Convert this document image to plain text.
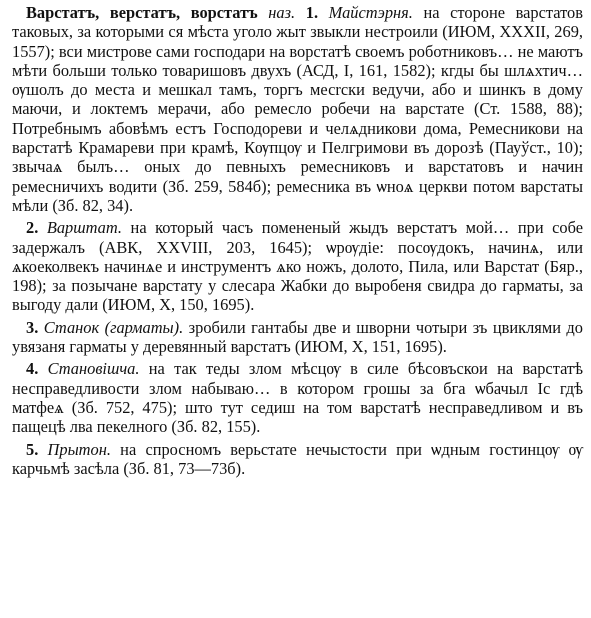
Варстатъ, верстатъ, ворстатъ наз. 1. Майстэрня. на стороне варстатов таковых, за которыми ся мѣста уголо жыт звыкли нестроили (ИЮМ, XXXII, 269, 1557); вси мистрове сами господари на ворстатѣ своемъ роботниковъ… не маютъ мѣти больши только товаришовъ двухъ (АСД, I, 161, 1582); кгды бы шлѧхтич… ѹшолъ до места и мешкал тамъ, торгъ месrcки ведучи, або и шинкъ в дому маючи, и локтемъ мерачи, або ремесло робечи на варстате (Ст. 1588, 88); Потребнымъ абовѣмъ естъ Господореви и челѧдникови дома, Ремесникови на варстатѣ Крамареви при крамѣ, Кѹпцѹ и Пелгримови въ дорозѣ (Пауўст., 10); звычаѧ былъ… оных до певныхъ ремесниковъ и варстатовъ и начин ремесничихъ водити (Зб. 259, 584б); ремесника въ ѡноѧ церкви потом варстаты мѣли (Зб. 82, 34).

2. Варштат. на который часъ помененый жыдъ верстатъ мой… при собе задержалъ (АВК, XXVIII, 203, 1645); ѡрѹдie: посѹдокъ, начинѧ, или ѧкоеколвекъ начинѧe и инструментъ ѧко ножъ, долото, Пила, или Варстат (Бяр., 198); за позычане варстату у слесара Жабки до выробеня свидра до гарматы, за выгоду дали (ИЮМ, X, 150, 1695).

3. Станок (гарматы). зробили гантабы две и шворни чотыри зъ цвиклями до увязаня гарматы у деревянный варстатъ (ИЮМ, X, 151, 1695).

4. Становішча. на так теды злом мѣсцѹ в силе бѣсовъскои на варстатѣ несправедливости злом набываю… в котором грошы за бга ѡбачыл Іс гдѣ матфеѧ (Зб. 752, 475); што тут седиш на том варстатѣ несправедливом и въ пащецѣ лва пекелного (Зб. 82, 155).

5. Прытон. на спросномъ верьстате нечыстости при ѡдным гостинцѹ ѹ карчьмѣ засѣла (Зб. 81, 73—73б).
